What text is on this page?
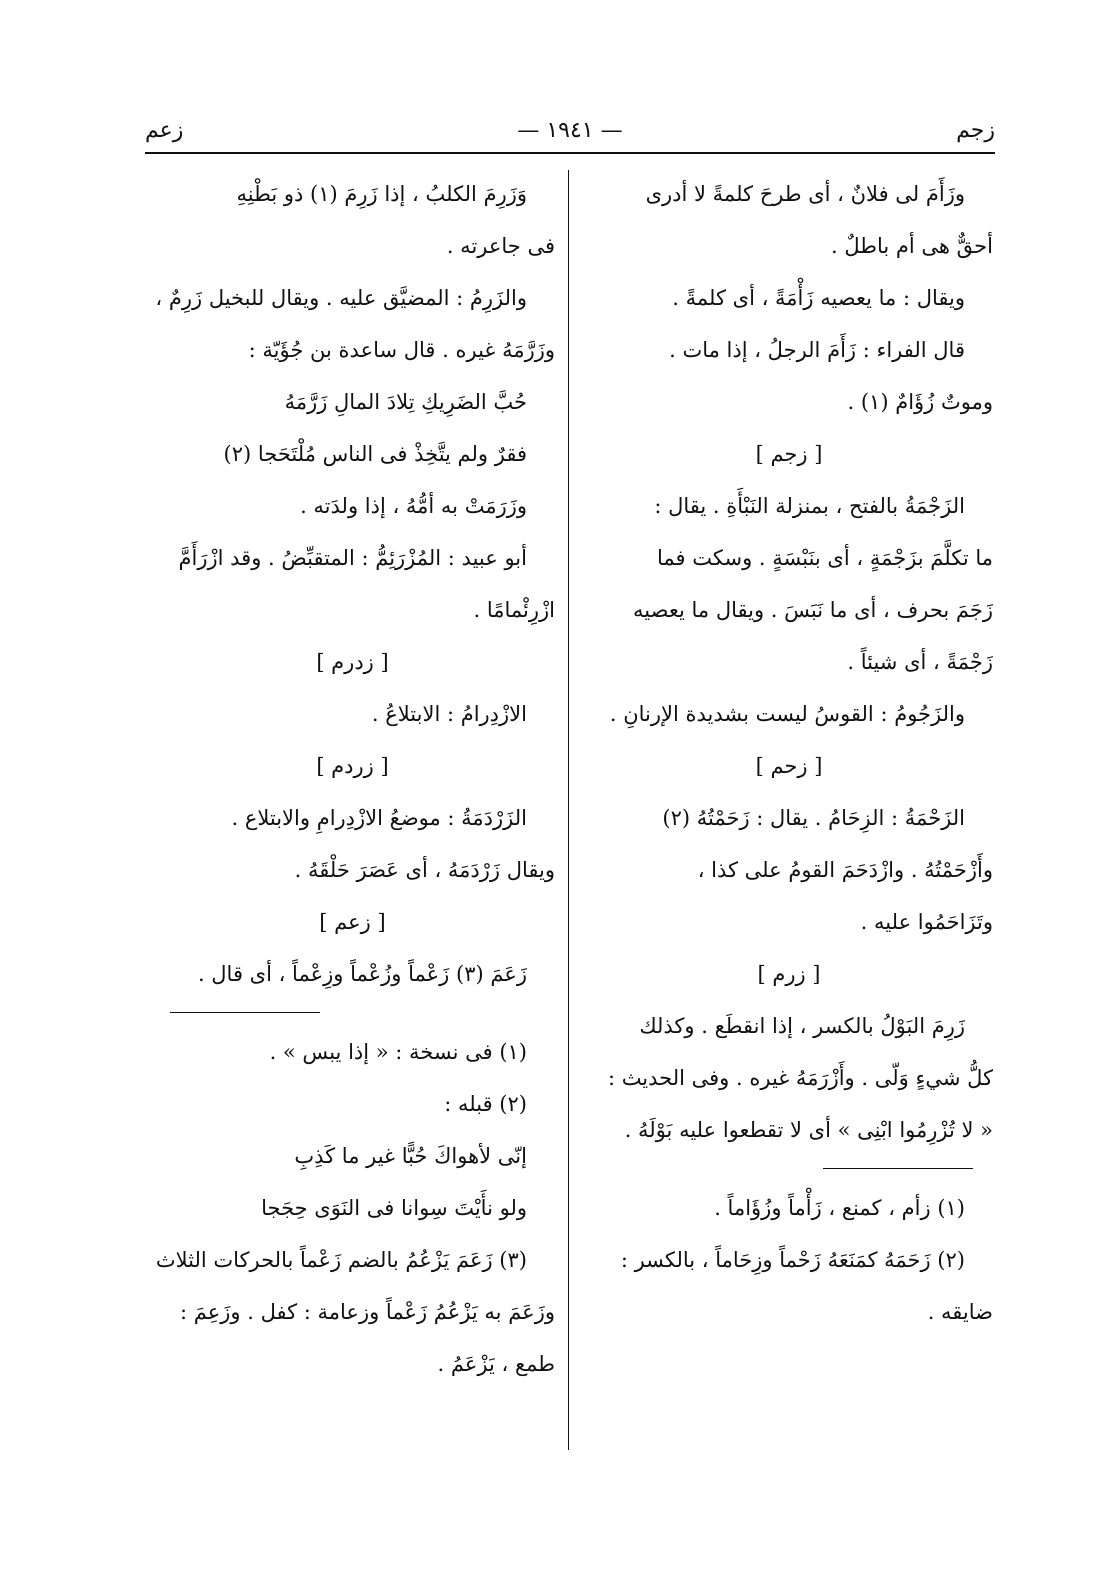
زجم
— ١٩٤١ —
زعم

وزَأَمَ لى فلانٌ ، أى طرحَ كلمةً لا أدرى

أحقٌّ هى أم باطلٌ .

ويقال : ما يعصيه زَأْمَةً ، أى كلمةً .

قال الفراء : زَأَمَ الرجلُ ، إذا مات .

وموتٌ زُؤَامٌ (١) .

[ زجم ]

الزَجْمَةُ بالفتح ، بمنزلة النَبْأَةِ . يقال :

ما تكلَّمَ بزَجْمَةٍ ، أى بنَبْسَةٍ . وسكت فما

زَجَمَ بحرف ، أى ما نَبَسَ . ويقال ما يعصيه

زَجْمَةً ، أى شيئاً .

والزَجُومُ : القوسُ ليست بشديدة الإرنانِ .

[ زحم ]

الزَحْمَةُ : الزِحَامُ . يقال : زَحَمْتُهُ (٢)

وأَزْحَمْتُهُ . وازْدَحَمَ القومُ على كذا ،

وتَزَاحَمُوا عليه .

[ زرم ]

زَرِمَ البَوْلُ بالكسر ، إذا انقطَع . وكذلك

كلُّ شيءٍ وَلّى . وأَزْرَمَهُ غيره . وفى الحديث :

« لا تُزْرِمُوا ابْنِى » أى لا تقطعوا عليه بَوْلَهُ .

(١) زأم ، كمنع ، زَأْماً وزُؤَاماً .

(٢) زَحَمَهُ كمَنَعَهُ زَحْماً وزِحَاماً ، بالكسر :

ضايقه .

وَزَرِمَ الكلبُ ، إذا زَرِمَ (١) ذو بَطْنِهِ

فى جاعرته .

والزَرِمُ : المضيَّق عليه . ويقال للبخيل زَرِمٌ ،

وزَرَّمَهُ غيره . قال ساعدة بن جُؤَيّة :

حُبَّ الضَرِيكِ تِلادَ المالِ زَرَّمَهُ

فقرٌ ولم يتَّخِذْ فى الناس مُلْتَحَجا (٢)

وزَرَمَتْ به أمُّهُ ، إذا ولدَته .

أبو عبيد : المُزْرَئِمُّ : المتقبِّضُ . وقد ازْرَأَمَّ

ازْرِئْمامًا .

[ زدرم ]

الازْدِرامُ : الابتلاعُ .

[ زردم ]

الزَرْدَمَةُ : موضعُ الازْدِرامِ والابتلاع .

ويقال زَرْدَمَهُ ، أى عَصَرَ حَلْقَهُ .

[ زعم ]

زَعَمَ (٣) زَعْماً وزُعْماً وزِعْماً ، أى قال .

(١) فى نسخة : « إذا يبس » .

(٢) قبله :

إنّى لأهواكَ حُبًّا غير ما كَذِبِ

ولو نأَيْتَ سِوانا فى النَوَى حِجَجا

(٣) زَعَمَ يَزْعُمُ بالضم زَعْماً بالحركات الثلاث

وزَعَمَ به يَزْعُمُ زَعْماً وزعامة : كفل . وزَعِمَ :

طمع ، يَزْعَمُ .
